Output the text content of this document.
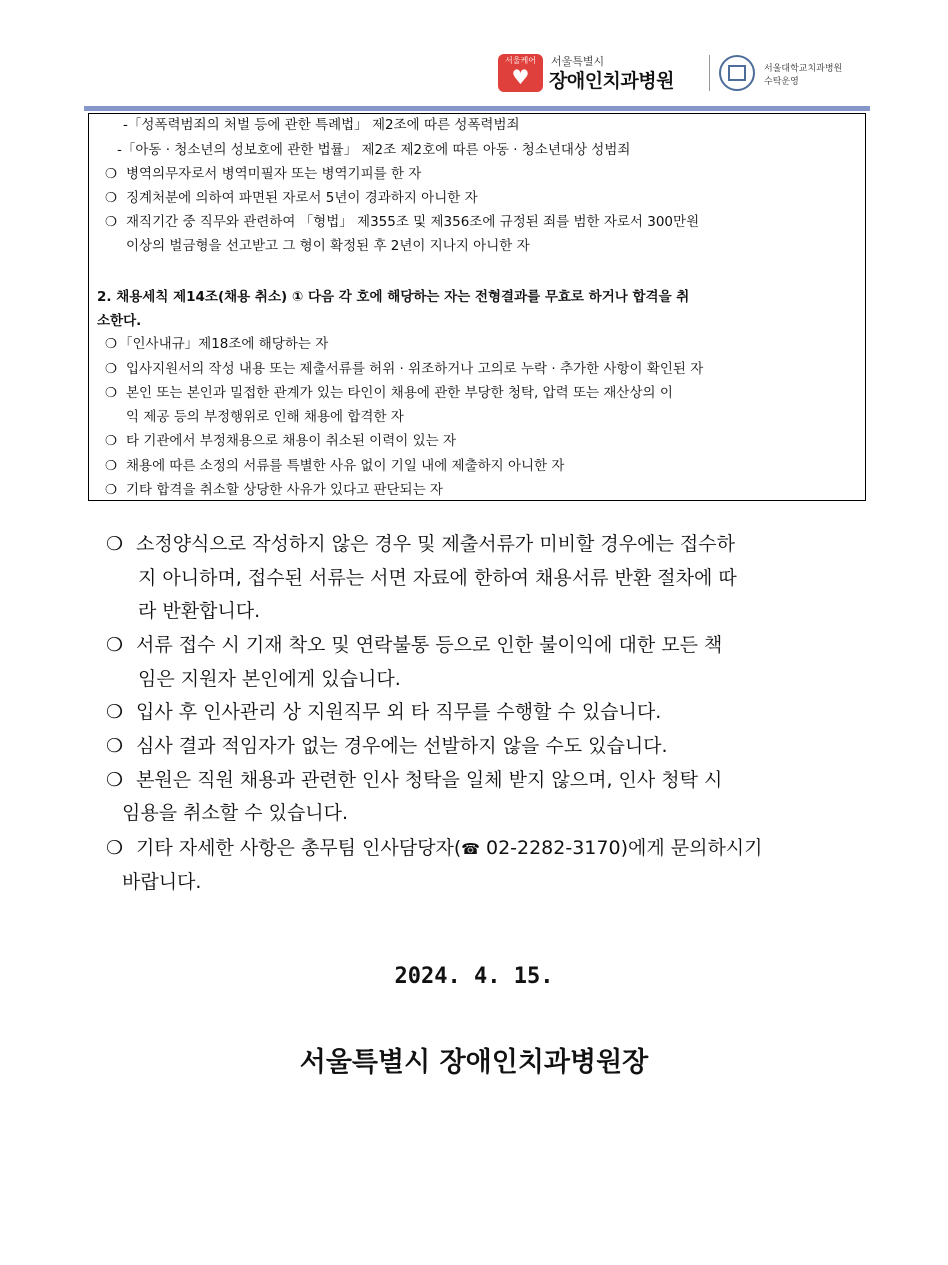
서울케어
♥
서울특별시
장애인치과병원
서울대학교치과병원
수탁운영
-「성폭력범죄의 처벌 등에 관한 특례법」 제2조에 따른 성폭력범죄
-「아동 · 청소년의 성보호에 관한 법률」 제2조 제2호에 따른 아동 · 청소년대상 성범죄
❍ 병역의무자로서 병역미필자 또는 병역기피를 한 자
❍ 징계처분에 의하여 파면된 자로서 5년이 경과하지 아니한 자
❍ 재직기간 중 직무와 관련하여 「형법」 제355조 및 제356조에 규정된 죄를 범한 자로서 300만원
이상의 벌금형을 선고받고 그 형이 확정된 후 2년이 지나지 아니한 자
2. 채용세칙 제14조(채용 취소) ① 다음 각 호에 해당하는 자는 전형결과를 무효로 하거나 합격을 취
소한다.
❍ 「인사내규」제18조에 해당하는 자
❍ 입사지원서의 작성 내용 또는 제출서류를 허위 · 위조하거나 고의로 누락 · 추가한 사항이 확인된 자
❍ 본인 또는 본인과 밀접한 관계가 있는 타인이 채용에 관한 부당한 청탁, 압력 또는 재산상의 이
익 제공 등의 부정행위로 인해 채용에 합격한 자
❍ 타 기관에서 부정채용으로 채용이 취소된 이력이 있는 자
❍ 채용에 따른 소정의 서류를 특별한 사유 없이 기일 내에 제출하지 아니한 자
❍ 기타 합격을 취소할 상당한 사유가 있다고 판단되는 자
❍ 소정양식으로 작성하지 않은 경우 및 제출서류가 미비할 경우에는 접수하
지 아니하며, 접수된 서류는 서면 자료에 한하여 채용서류 반환 절차에 따
라 반환합니다.
❍ 서류 접수 시 기재 착오 및 연락불통 등으로 인한 불이익에 대한 모든 책
임은 지원자 본인에게 있습니다.
❍ 입사 후 인사관리 상 지원직무 외 타 직무를 수행할 수 있습니다.
❍ 심사 결과 적임자가 없는 경우에는 선발하지 않을 수도 있습니다.
❍ 본원은 직원 채용과 관련한 인사 청탁을 일체 받지 않으며, 인사 청탁 시
임용을 취소할 수 있습니다.
❍ 기타 자세한 사항은 총무팀 인사담당자(☎ 02-2282-3170)에게 문의하시기
바랍니다.
2024. 4. 15.
서울특별시 장애인치과병원장
